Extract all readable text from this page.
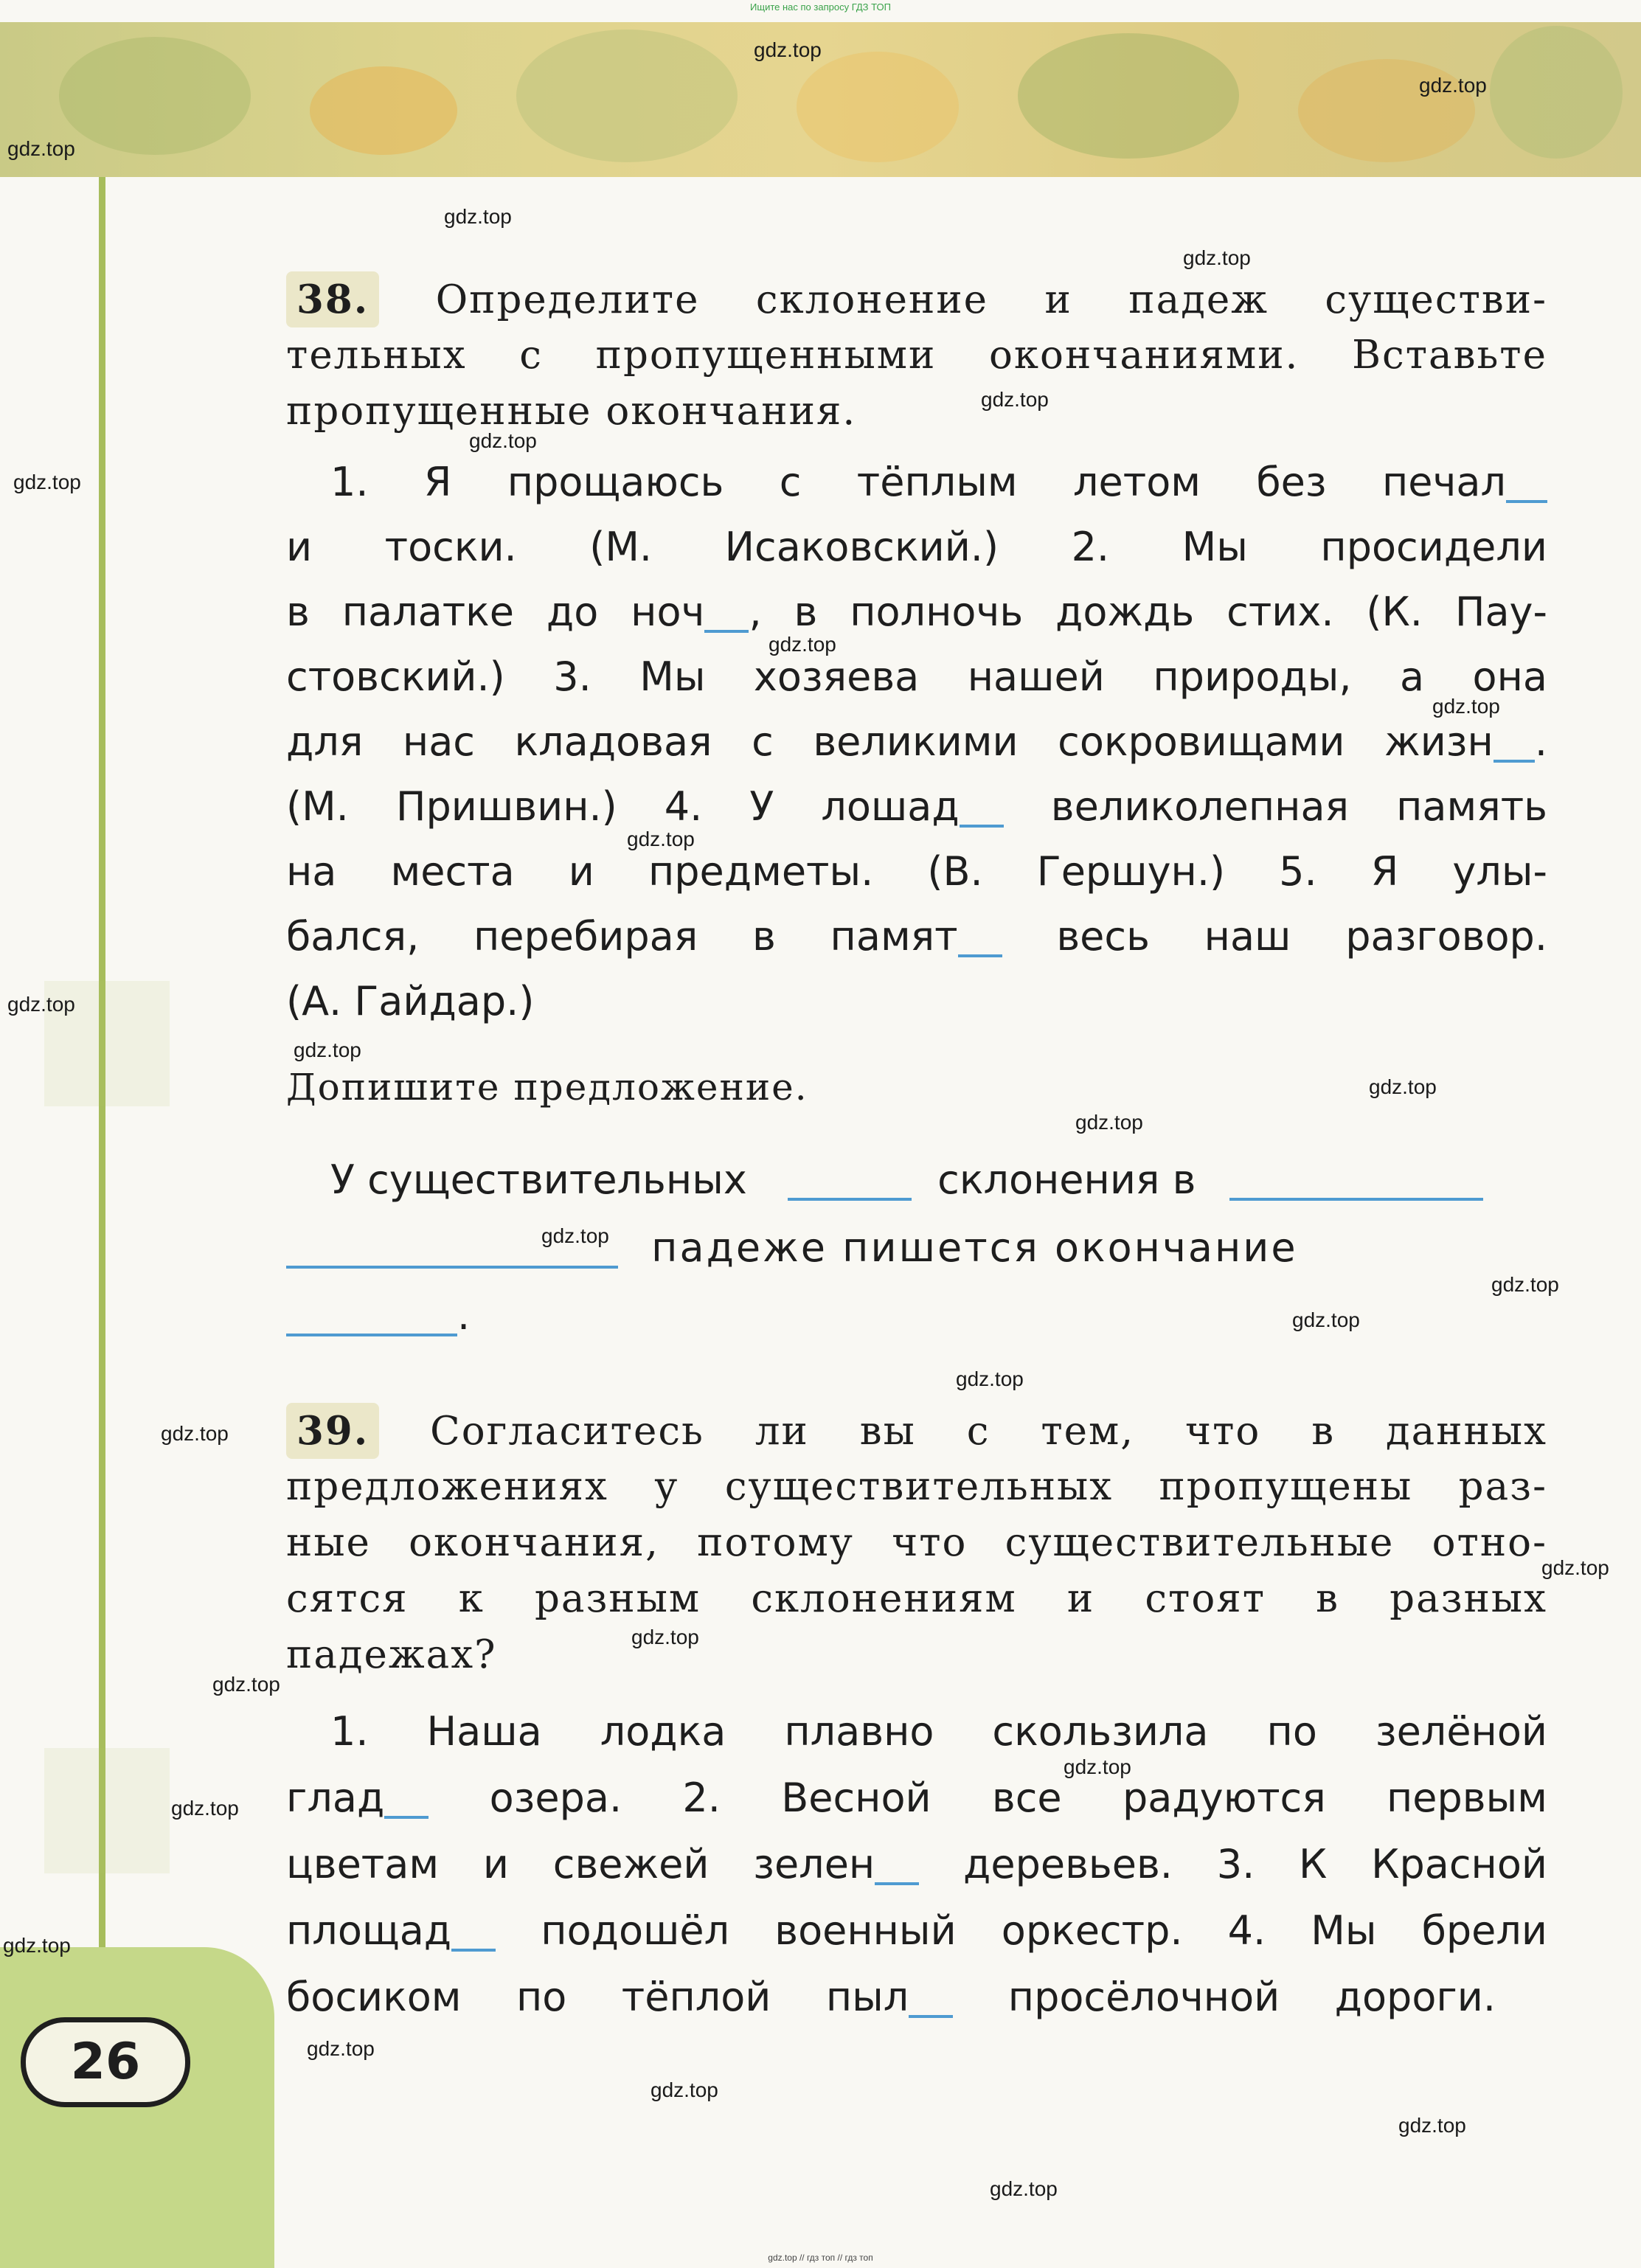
Ищите нас по запросу ГДЗ ТОП
26
38. Определите склонение и падеж существи-
тельных с пропущенными окончаниями. Вставьте
пропущенные окончания.
1. Я прощаюсь с тёплым летом без печал
и тоски. (М. Исаковский.) 2. Мы просидели
в палатке до ноч , в полночь дождь стих. (К. Пау-
стовский.) 3. Мы хозяева нашей природы, а она
для нас кладовая с великими сокровищами жизн .
(М. Пришвин.) 4. У лошад великолепная память
на места и предметы. (В. Гершун.) 5. Я улы-
бался, перебирая в памят весь наш разговор.
(А. Гайдар.)
Допишите предложение.
У существительных	склонения в
падеже пишется окончание
.
39. Согласитесь ли вы с тем, что в данных
предложениях у существительных пропущены раз-
ные окончания, потому что существительные отно-
сятся к разным склонениям и стоят в разных
падежах?
1. Наша лодка плавно скользила по зелёной
глад озера. 2. Весной все радуются первым
цветам и свежей зелен деревьев. 3. К Красной
площад подошёл военный оркестр. 4. Мы брели
босиком по тёплой пыл просёлочной дороги.
gdz.top
gdz.top
gdz.top
gdz.top
gdz.top
gdz.top
gdz.top
gdz.top
gdz.top
gdz.top
gdz.top
gdz.top
gdz.top
gdz.top
gdz.top
gdz.top
gdz.top
gdz.top
gdz.top
gdz.top
gdz.top
gdz.top
gdz.top
gdz.top
gdz.top
gdz.top
gdz.top
gdz.top
gdz.top
gdz.top
gdz.top // гдз топ // гдз топ
